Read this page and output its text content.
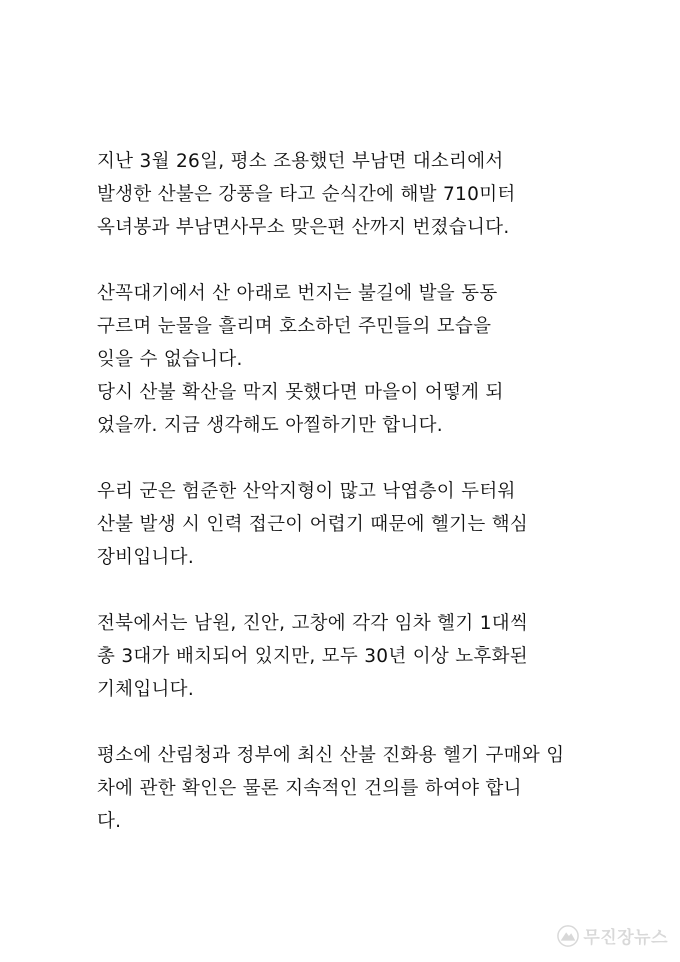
지난 3월 26일, 평소 조용했던 부남면 대소리에서
발생한 산불은 강풍을 타고 순식간에 해발 710미터
옥녀봉과 부남면사무소 맞은편 산까지 번졌습니다.
산꼭대기에서 산 아래로 번지는 불길에 발을 동동
구르며 눈물을 흘리며 호소하던 주민들의 모습을
잊을 수 없습니다.
당시 산불 확산을 막지 못했다면 마을이 어떻게 되
었을까. 지금 생각해도 아찔하기만 합니다.
우리 군은 험준한 산악지형이 많고 낙엽층이 두터워
산불 발생 시 인력 접근이 어렵기 때문에 헬기는 핵심
장비입니다.
전북에서는 남원, 진안, 고창에 각각 임차 헬기 1대씩
총 3대가 배치되어 있지만, 모두 30년 이상 노후화된
기체입니다.
평소에 산림청과 정부에 최신 산불 진화용 헬기 구매와 임
차에 관한 확인은 물론 지속적인 건의를 하여야 합니
다.
무진장뉴스
